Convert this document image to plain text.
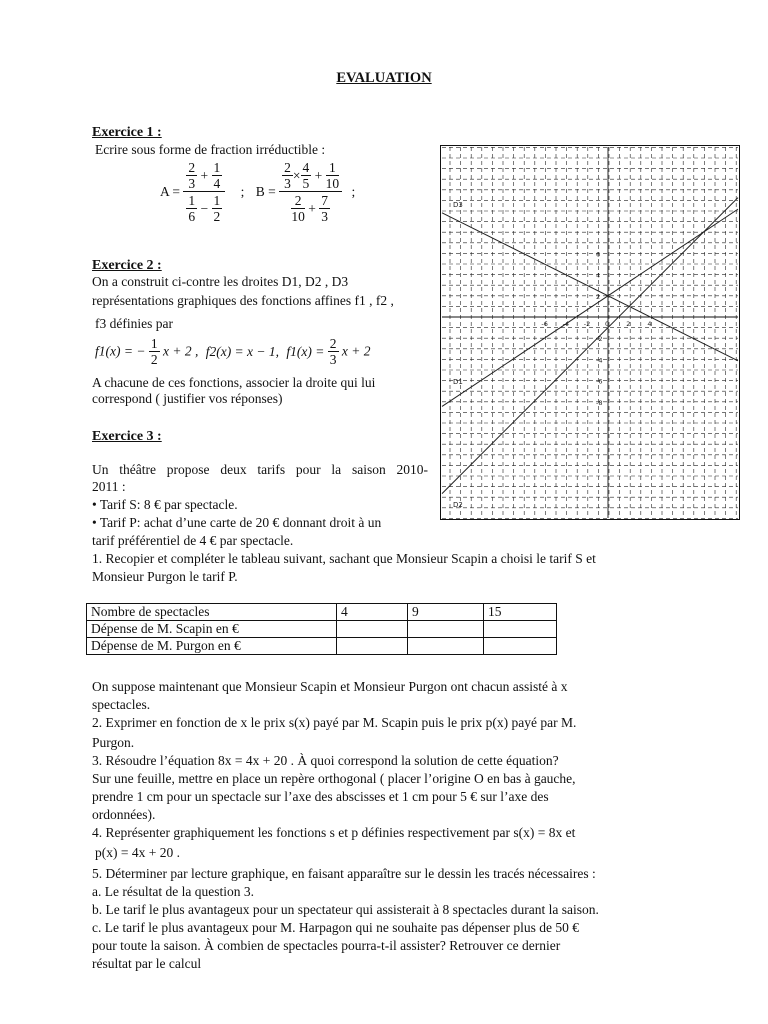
EVALUATION
Exercice 1 :
Ecrire sous forme de fraction irréductible :
$A = \frac{\frac{2}{3} + \frac{1}{4}}{\frac{1}{6} - \frac{1}{2}}$ ; $B = \frac{\frac{2}{3} \times \frac{4}{5} + \frac{1}{10}}{\frac{2}{10} + \frac{7}{3}}$ ;
Exercice 2 :
On a construit ci-contre les droites D1, D2 , D3
représentations graphiques des fonctions affines f1 , f2 ,
f3 définies par
f1(x) = − $\frac{1}{2}$ x + 2 , f2(x) = x − 1, $f1(x) = \frac{2}{3}$ x + 2
A chacune de ces fonctions, associer la droite qui lui
correspond ( justifier vos réponses)
-6 -4 -2 0	2	4
6
4
2
-2
-4
-6
-8
D3
D1
D2
Exercice 3 :
Un théâtre propose deux tarifs pour la saison 2010-
2011 :
• Tarif S: 8 € par spectacle.
• Tarif P: achat d’une carte de 20 € donnant droit à un
tarif préférentiel de 4 € par spectacle.
1. Recopier et compléter le tableau suivant, sachant que Monsieur Scapin a choisi le tarif S et
Monsieur Purgon le tarif P.
Nombre de spectacles	4	9	15
Dépense de M. Scapin en €			
Dépense de M. Purgon en €			
On suppose maintenant que Monsieur Scapin et Monsieur Purgon ont chacun assisté à x
spectacles.
2. Exprimer en fonction de x le prix s(x) payé par M. Scapin puis le prix p(x) payé par M.
Purgon.
3. Résoudre l’équation 8x = 4x + 20 . À quoi correspond la solution de cette équation?
Sur une feuille, mettre en place un repère orthogonal ( placer l’origine O en bas à gauche,
prendre 1 cm pour un spectacle sur l’axe des abscisses et 1 cm pour 5 € sur l’axe des
ordonnées).
4. Représenter graphiquement les fonctions s et p définies respectivement par s(x) = 8x et
p(x) = 4x + 20 .
5. Déterminer par lecture graphique, en faisant apparaître sur le dessin les tracés nécessaires :
a. Le résultat de la question 3.
b. Le tarif le plus avantageux pour un spectateur qui assisterait à 8 spectacles durant la saison.
c. Le tarif le plus avantageux pour M. Harpagon qui ne souhaite pas dépenser plus de 50 €
pour toute la saison. À combien de spectacles pourra-t-il assister? Retrouver ce dernier
résultat par le calcul
